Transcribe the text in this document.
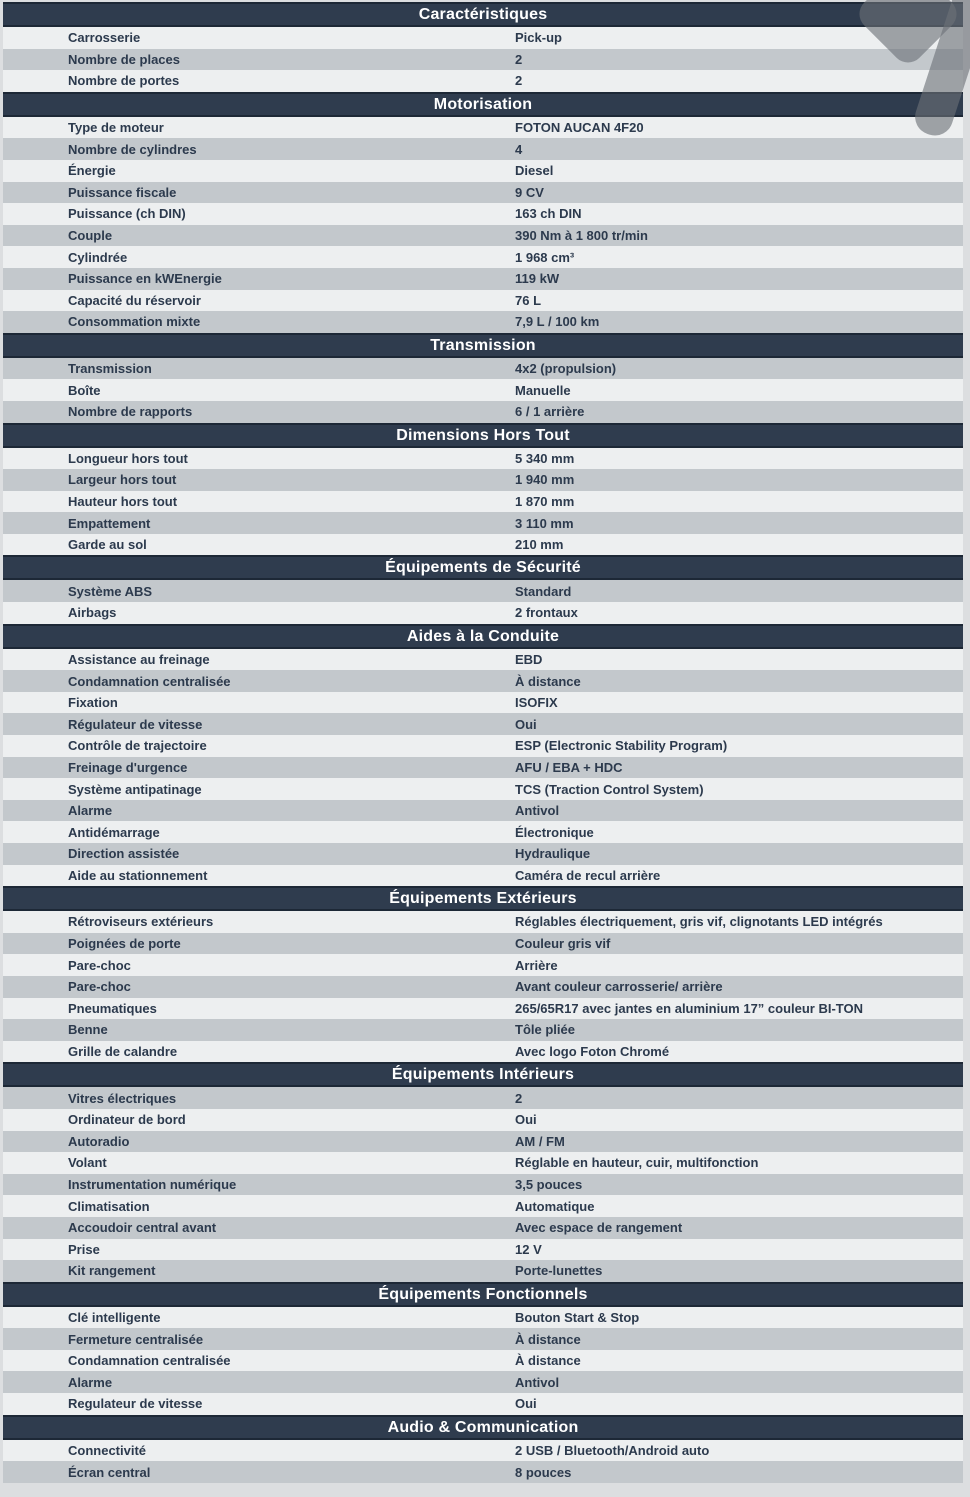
Caractéristiques
Carrosserie	Pick-up
Nombre de places	2
Nombre de portes	2
Motorisation
Type de moteur	FOTON AUCAN 4F20
Nombre de cylindres	4
Énergie	Diesel
Puissance fiscale	9 CV
Puissance (ch DIN)	163 ch DIN
Couple	390 Nm à 1 800 tr/min
Cylindrée	1 968 cm³
Puissance en kWEnergie	119 kW
Capacité du réservoir	76 L
Consommation mixte	7,9 L / 100 km
Transmission
Transmission	4x2 (propulsion)
Boîte	Manuelle
Nombre de rapports	6 / 1 arrière
Dimensions Hors Tout
Longueur hors tout	5 340 mm
Largeur hors tout	1 940 mm
Hauteur hors tout	1 870 mm
Empattement	3 110 mm
Garde au sol	210 mm
Équipements de Sécurité
Système ABS	Standard
Airbags	2 frontaux
Aides à la Conduite
Assistance au freinage	EBD
Condamnation centralisée	À distance
Fixation	ISOFIX
Régulateur de vitesse	Oui
Contrôle de trajectoire	ESP (Electronic Stability Program)
Freinage d'urgence	AFU / EBA + HDC
Système antipatinage	TCS (Traction Control System)
Alarme	Antivol
Antidémarrage	Électronique
Direction assistée	Hydraulique
Aide au stationnement	Caméra de recul arrière
Équipements Extérieurs
Rétroviseurs extérieurs	Réglables électriquement, gris vif, clignotants LED intégrés
Poignées de porte	Couleur gris vif
Pare-choc	Arrière
Pare-choc	Avant couleur carrosserie/ arrière
Pneumatiques	265/65R17 avec jantes en aluminium 17” couleur BI-TON
Benne	Tôle pliée
Grille de calandre	Avec logo Foton Chromé
Équipements Intérieurs
Vitres électriques	2
Ordinateur de bord	Oui
Autoradio	AM / FM
Volant	Réglable en hauteur, cuir, multifonction
Instrumentation numérique	3,5 pouces
Climatisation	Automatique
Accoudoir central avant	Avec espace de rangement
Prise	12 V
Kit rangement	Porte-lunettes
Équipements Fonctionnels
Clé intelligente	Bouton Start & Stop
Fermeture centralisée	À distance
Condamnation centralisée	À distance
Alarme	Antivol
Regulateur de vitesse	Oui
Audio & Communication
Connectivité	2 USB / Bluetooth/Android auto
Écran central	8 pouces
